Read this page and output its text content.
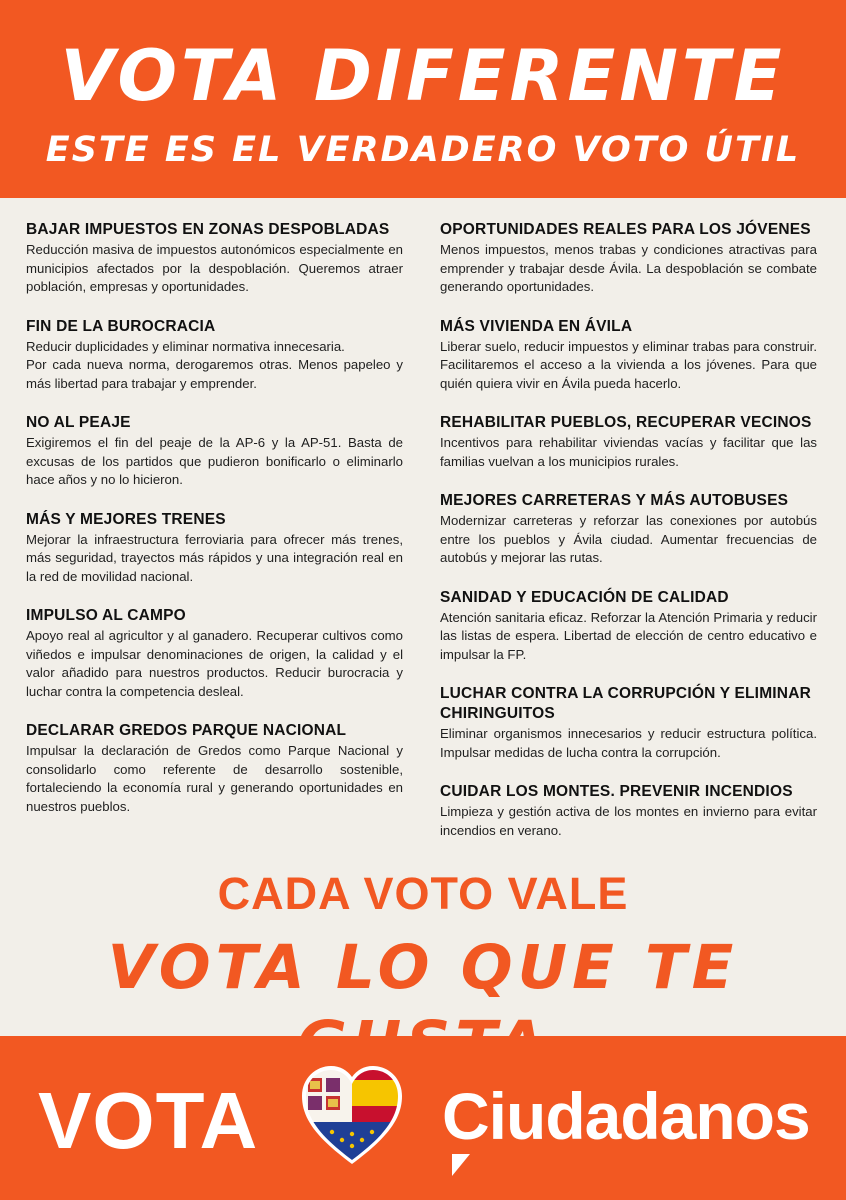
VOTA DIFERENTE
ESTE ES EL VERDADERO VOTO ÚTIL
BAJAR IMPUESTOS EN ZONAS DESPOBLADAS
Reducción masiva de impuestos autonómicos especialmente en municipios afectados por la despoblación. Queremos atraer población, empresas y oportunidades.
FIN DE LA BUROCRACIA
Reducir duplicidades y eliminar normativa innecesaria.
Por cada nueva norma, derogaremos otras. Menos papeleo y más libertad para trabajar y emprender.
NO AL PEAJE
Exigiremos el fin del peaje de la AP-6 y la AP-51. Basta de excusas de los partidos que pudieron bonificarlo o eliminarlo hace años y no lo hicieron.
MÁS Y MEJORES TRENES
Mejorar la infraestructura ferroviaria para ofrecer más trenes, más seguridad, trayectos más rápidos y una integración real en la red de movilidad nacional.
IMPULSO AL CAMPO
Apoyo real al agricultor y al ganadero. Recuperar cultivos como viñedos e impulsar denominaciones de origen, la calidad y el valor añadido para nuestros productos. Reducir burocracia y luchar contra la competencia desleal.
DECLARAR GREDOS PARQUE NACIONAL
Impulsar la declaración de Gredos como Parque Nacional y consolidarlo como referente de desarrollo sostenible, fortaleciendo la economía rural y generando oportunidades en nuestros pueblos.
OPORTUNIDADES REALES PARA LOS JÓVENES
Menos impuestos, menos trabas y condiciones atractivas para emprender y trabajar desde Ávila. La despoblación se combate generando oportunidades.
MÁS VIVIENDA EN ÁVILA
Liberar suelo, reducir impuestos y eliminar trabas para construir. Facilitaremos el acceso a la vivienda a los jóvenes. Para que quién quiera vivir en Ávila pueda hacerlo.
REHABILITAR PUEBLOS, RECUPERAR VECINOS
Incentivos para rehabilitar viviendas vacías y facilitar que las familias vuelvan a los municipios rurales.
MEJORES CARRETERAS Y MÁS AUTOBUSES
Modernizar carreteras y reforzar las conexiones por autobús entre los pueblos y Ávila ciudad. Aumentar frecuencias de autobús y mejorar las rutas.
SANIDAD Y EDUCACIÓN DE CALIDAD
Atención sanitaria eficaz. Reforzar la Atención Primaria y reducir las listas de espera. Libertad de elección de centro educativo e impulsar la FP.
LUCHAR CONTRA LA CORRUPCIÓN Y ELIMINAR CHIRINGUITOS
Eliminar organismos innecesarios y reducir estructura política. Impulsar medidas de lucha contra la corrupción.
CUIDAR LOS MONTES. PREVENIR INCENDIOS
Limpieza y gestión activa de los montes en invierno para evitar incendios en verano.
CADA VOTO VALE
VOTA LO QUE TE
VOTA	Ciudadanos
